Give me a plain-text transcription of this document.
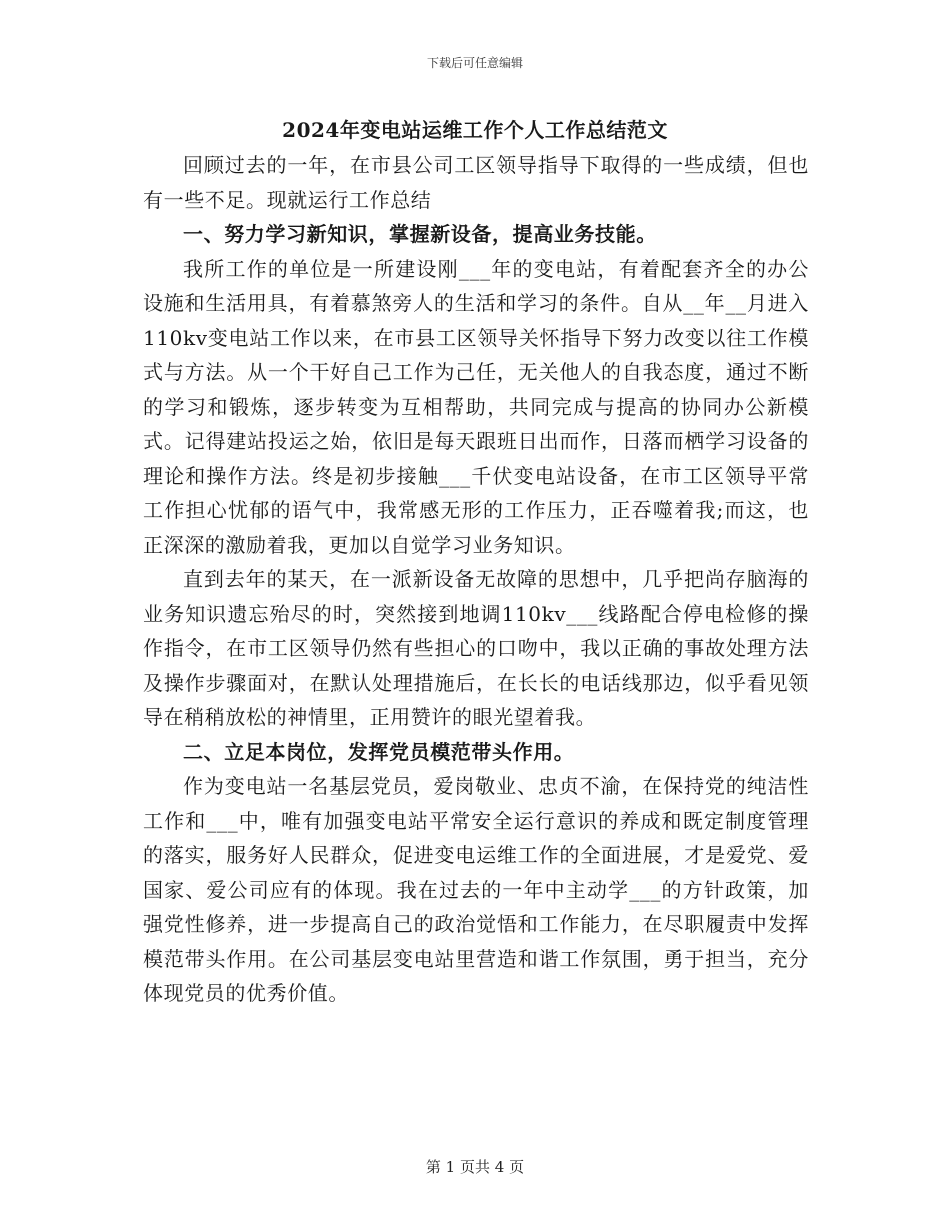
下载后可任意编辑
2024年变电站运维工作个人工作总结范文

回顾过去的一年，在市县公司工区领导指导下取得的一些成绩，但也有一些不足。现就运行工作总结

一、努力学习新知识，掌握新设备，提高业务技能。

我所工作的单位是一所建设刚___年的变电站，有着配套齐全的办公设施和生活用具，有着慕煞旁人的生活和学习的条件。自从__年__月进入110kv变电站工作以来，在市县工区领导关怀指导下努力改变以往工作模式与方法。从一个干好自己工作为己任，无关他人的自我态度，通过不断的学习和锻炼，逐步转变为互相帮助，共同完成与提高的协同办公新模式。记得建站投运之始，依旧是每天跟班日出而作，日落而栖学习设备的理论和操作方法。终是初步接触___千伏变电站设备，在市工区领导平常工作担心忧郁的语气中，我常感无形的工作压力，正吞噬着我;而这，也正深深的激励着我，更加以自觉学习业务知识。

直到去年的某天，在一派新设备无故障的思想中，几乎把尚存脑海的业务知识遗忘殆尽的时，突然接到地调110kv___线路配合停电检修的操作指令，在市工区领导仍然有些担心的口吻中，我以正确的事故处理方法及操作步骤面对，在默认处理措施后，在长长的电话线那边，似乎看见领导在稍稍放松的神情里，正用赞许的眼光望着我。

二、立足本岗位，发挥党员模范带头作用。

作为变电站一名基层党员，爱岗敬业、忠贞不渝，在保持党的纯洁性工作和___中，唯有加强变电站平常安全运行意识的养成和既定制度管理的落实，服务好人民群众，促进变电运维工作的全面进展，才是爱党、爱国家、爱公司应有的体现。我在过去的一年中主动学___的方针政策，加强党性修养，进一步提高自己的政治觉悟和工作能力，在尽职履责中发挥模范带头作用。在公司基层变电站里营造和谐工作氛围，勇于担当，充分体现党员的优秀价值。

第 1 页共 4 页
